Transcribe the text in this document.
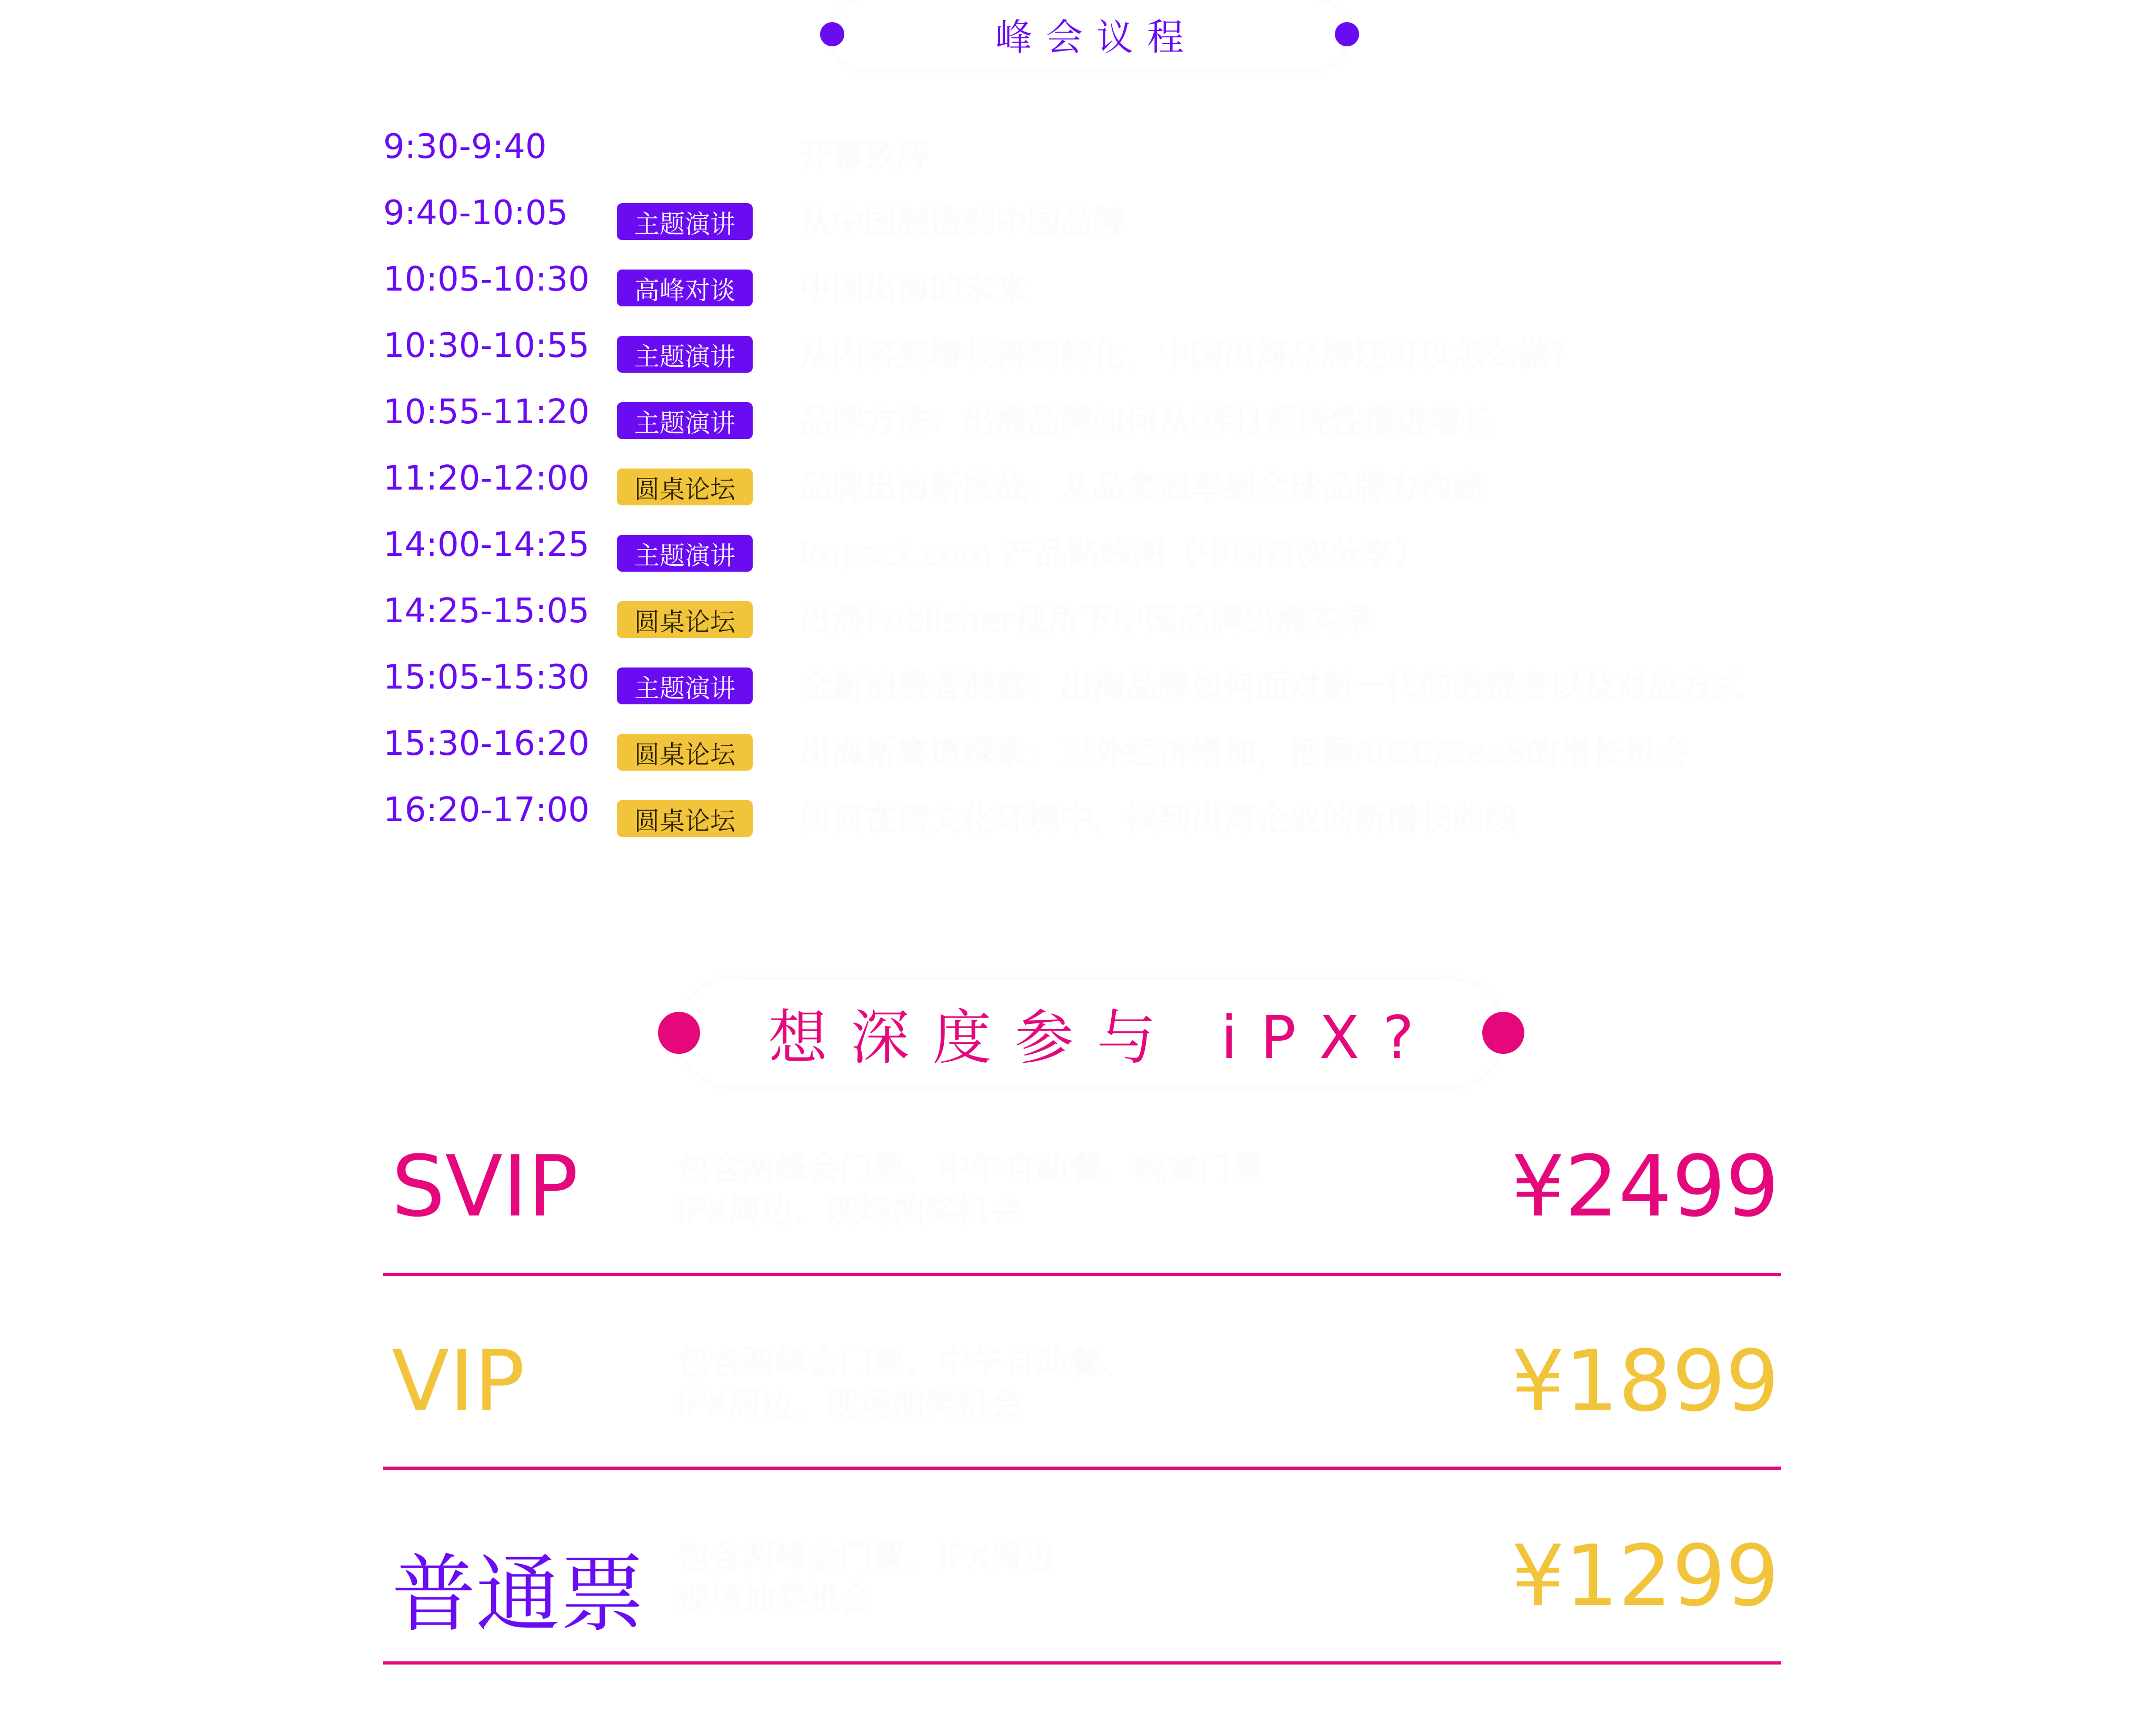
峰会议程
9:30-9:40	开幕致辞
9:40-10:05	主题演讲	从中国制造到中国品牌
10:05-10:30	高峰对谈	中国出海的未来
10:30-10:55	主题演讲	从内容到增长再到转化，中国出海品牌还可以怎么做?
10:55-11:20	主题演讲	品牌方法：出海品牌如何从0到1系统性推进增长
11:20-12:00	圆桌论坛	品牌出海新挑战：从品类冠军到全球品牌力构建
14:00-14:25	主题演讲	Impact.com 产品路线图（中国首次分享）
14:25-15:05	圆桌论坛	出海Publisher视角下中国品牌出海实录
15:05-15:30	主题演讲	全新消费者洞察：出海品牌如何面对新一代的消费者以及对应方式
15:30-16:20	圆桌论坛	出海新赛道探索：对外经济增加，把握AIGC/SaaS的增长机会
16:20-17:00	圆桌论坛	如何在跨文化环境中，找到出海企业的新增长曲线
想深度参与 iPX?
SVIP	包含两峰会门票、中午自助餐、晚宴门票
iPX周边、现场抽奖机会	¥2499
VIP	包含两峰会门票、中午自助餐、
iPX周边、现场抽奖机会	¥1899
普通票 包含两峰会门票、iPX周边
现场抽奖机会	¥1299
